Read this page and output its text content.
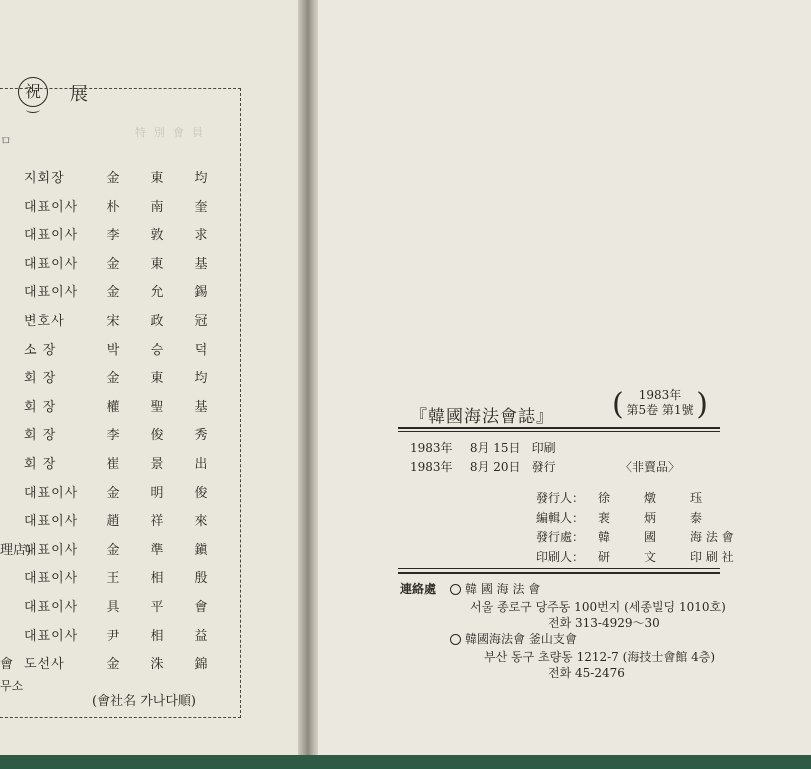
祝	展
ㅁ
特別會員
지회장	金 東 均
대표이사	朴 南 奎
대표이사	李 敦 求
대표이사	金 東 基
대표이사	金 允 錫
변호사	宋 政 冠
소 장	박 승 덕
회 장	金 東 均
회 장	權 聖 基
회 장	李 俊 秀
회 장	崔 景 出
대표이사	金 明 俊
대표이사	趙 祥 來
理店)
대표이사	金 準 鎭
대표이사	王 相 殷
대표이사	具 平 會
대표이사	尹 相 益
會 도선사	金 洙 錦
무소
(會社名 가나다順)
『韓國海法會誌』
( 1983年
第5卷 第1號
)
1983年 8月 15日 印刷
1983年 8月 20日 發行	〈非賣品〉
發行人： 徐	燉	珏
編輯人： 裵	炳	泰
發行處： 韓	國	海 法 會
印刷人： 研	文	印 刷 社
連絡處	韓 國 海 法 會
서울 종로구 당주동 100번지 (세종빌딩 1010호)
전화 313-4929～30
韓國海法會 釜山支會
부산 동구 초량동 1212-7 (海技士會館 4층)
전화 45-2476
